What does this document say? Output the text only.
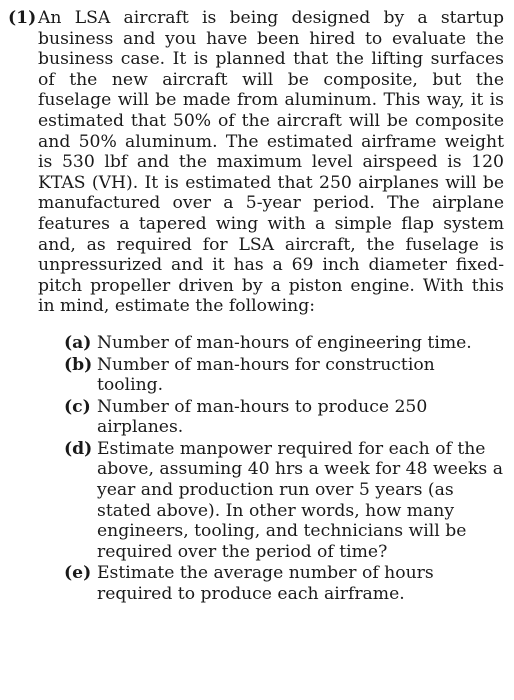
(1) An LSA aircraft is being designed by a startup business and you have been hired to evaluate the business case. It is planned that the lifting surfaces of the new aircraft will be composite, but the fuselage will be made from aluminum. This way, it is estimated that 50% of the aircraft will be composite and 50% aluminum. The estimated airframe weight is 530 lbf and the maximum level airspeed is 120 KTAS (VH). It is estimated that 250 airplanes will be manufactured over a 5-year period. The airplane features a tapered wing with a simple flap system and, as required for LSA aircraft, the fuselage is unpressurized and it has a 69 inch diameter fixed-pitch propeller driven by a piston engine. With this in mind, estimate the following:

(a) Number of man-hours of engineering time.
(b) Number of man-hours for construction tooling.
(c) Number of man-hours to produce 250 airplanes.
(d) Estimate manpower required for each of the above, assuming 40 hrs a week for 48 weeks a year and production run over 5 years (as stated above). In other words, how many engineers, tooling, and technicians will be required over the period of time?
(e) Estimate the average number of hours required to produce each airframe.
